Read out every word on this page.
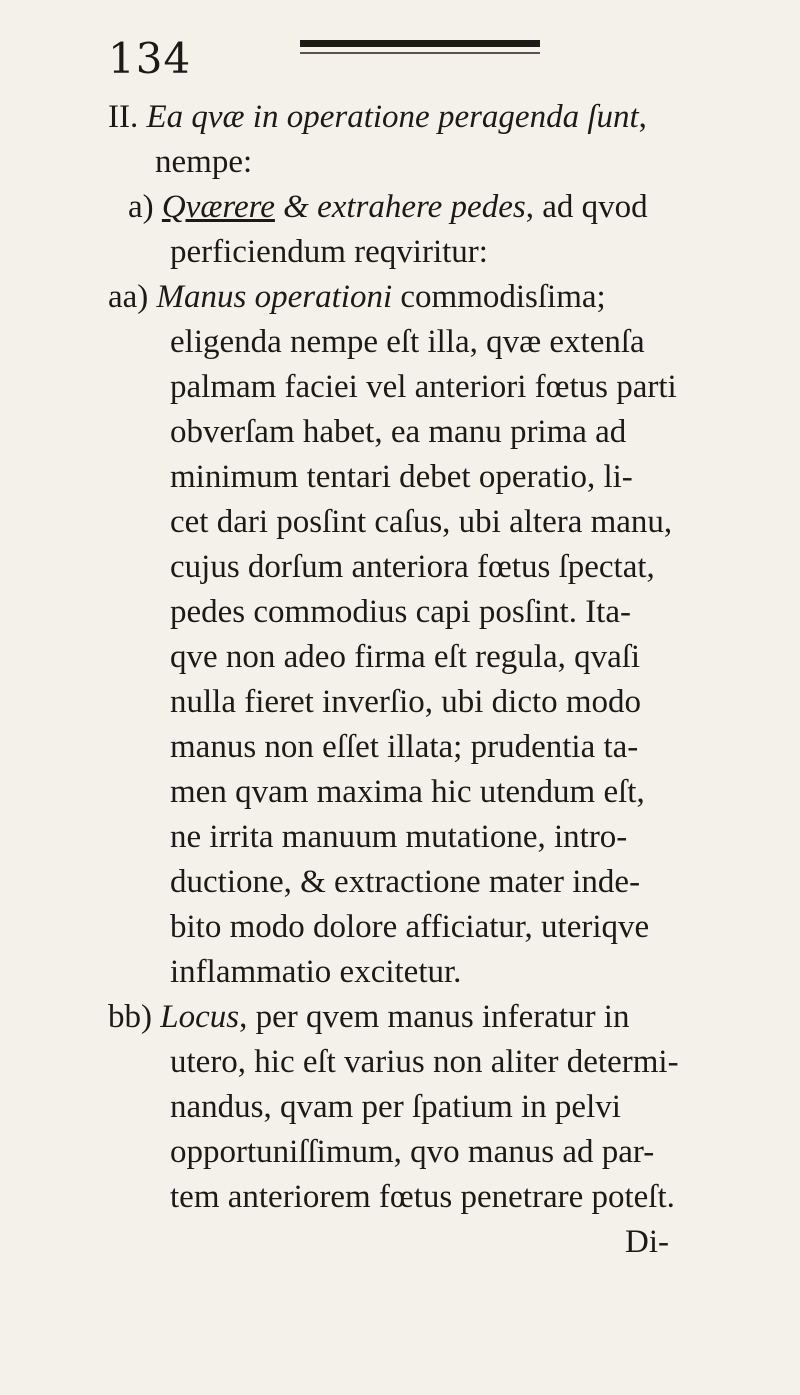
134
II. Ea qvæ in operatione peragenda ſunt,
nempe:
a) Qværere & extrahere pedes, ad qvod
perficiendum reqviritur:
aa) Manus operationi commodisſima;
eligenda nempe eſt illa, qvæ extenſa
palmam faciei vel anteriori fœtus parti
obverſam habet, ea manu prima ad
minimum tentari debet operatio, li-
cet dari posſint caſus, ubi altera manu,
cujus dorſum anteriora fœtus ſpectat,
pedes commodius capi posſint. Ita-
qve non adeo firma eſt regula, qvaſi
nulla fieret inverſio, ubi dicto modo
manus non eſſet illata; prudentia ta-
men qvam maxima hic utendum eſt,
ne irrita manuum mutatione, intro-
ductione, & extractione mater inde-
bito modo dolore afficiatur, uteriqve
inflammatio excitetur.
bb) Locus, per qvem manus inferatur in
utero, hic eſt varius non aliter determi-
nandus, qvam per ſpatium in pelvi
opportuniſſimum, qvo manus ad par-
tem anteriorem fœtus penetrare poteſt.
Di-
